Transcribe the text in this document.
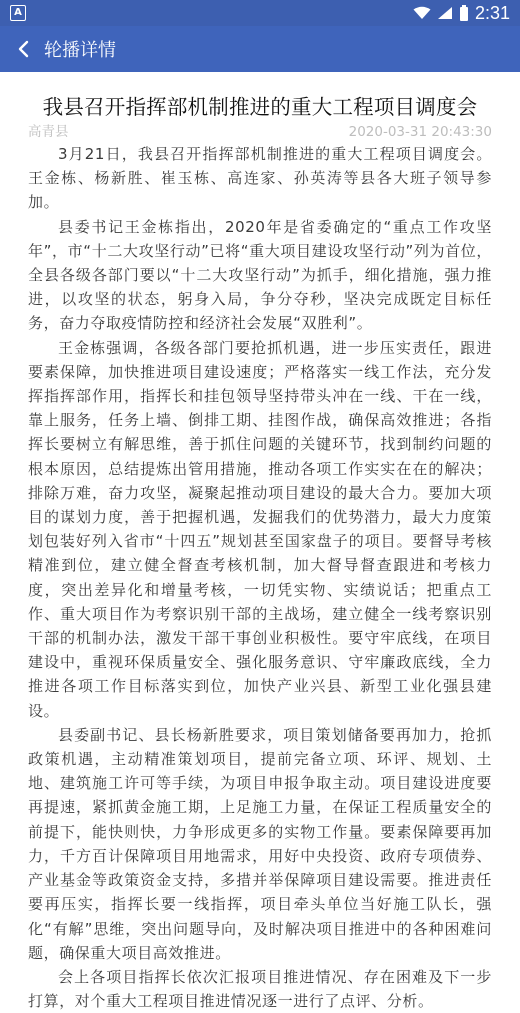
A	2:31
轮播详情
我县召开指挥部机制推进的重大工程项目调度会
高青县	2020-03-31 20:43:30

3月21日，我县召开指挥部机制推进的重大工程项目调度会。王金栋、杨新胜、崔玉栋、高连家、孙英涛等县各大班子领导参加。

县委书记王金栋指出，2020年是省委确定的“重点工作攻坚年”，市“十二大攻坚行动”已将“重大项目建设攻坚行动”列为首位，全县各级各部门要以“十二大攻坚行动”为抓手，细化措施，强力推进，以攻坚的状态，躬身入局，争分夺秒，坚决完成既定目标任务，奋力夺取疫情防控和经济社会发展“双胜利”。

王金栋强调，各级各部门要抢抓机遇，进一步压实责任，跟进要素保障，加快推进项目建设速度；严格落实一线工作法，充分发挥指挥部作用，指挥长和挂包领导坚持带头冲在一线、干在一线，靠上服务，任务上墙、倒排工期、挂图作战，确保高效推进；各指挥长要树立有解思维，善于抓住问题的关键环节，找到制约问题的根本原因，总结提炼出管用措施，推动各项工作实实在在的解决；排除万难，奋力攻坚，凝聚起推动项目建设的最大合力。要加大项目的谋划力度，善于把握机遇，发掘我们的优势潜力，最大力度策划包装好列入省市“十四五”规划甚至国家盘子的项目。要督导考核精准到位，建立健全督查考核机制，加大督导督查跟进和考核力度，突出差异化和增量考核，一切凭实物、实绩说话；把重点工作、重大项目作为考察识别干部的主战场，建立健全一线考察识别干部的机制办法，激发干部干事创业积极性。要守牢底线，在项目建设中，重视环保质量安全、强化服务意识、守牢廉政底线，全力推进各项工作目标落实到位，加快产业兴县、新型工业化强县建设。

县委副书记、县长杨新胜要求，项目策划储备要再加力，抢抓政策机遇，主动精准策划项目，提前完备立项、环评、规划、土地、建筑施工许可等手续，为项目申报争取主动。项目建设进度要再提速，紧抓黄金施工期，上足施工力量，在保证工程质量安全的前提下，能快则快，力争形成更多的实物工作量。要素保障要再加力，千方百计保障项目用地需求，用好中央投资、政府专项债券、产业基金等政策资金支持，多措并举保障项目建设需要。推进责任要再压实，指挥长要一线指挥，项目牵头单位当好施工队长，强化“有解”思维，突出问题导向，及时解决项目推进中的各种困难问题，确保重大项目高效推进。

会上各项目指挥长依次汇报项目推进情况、存在困难及下一步打算，对个重大工程项目推进情况逐一进行了点评、分析。
